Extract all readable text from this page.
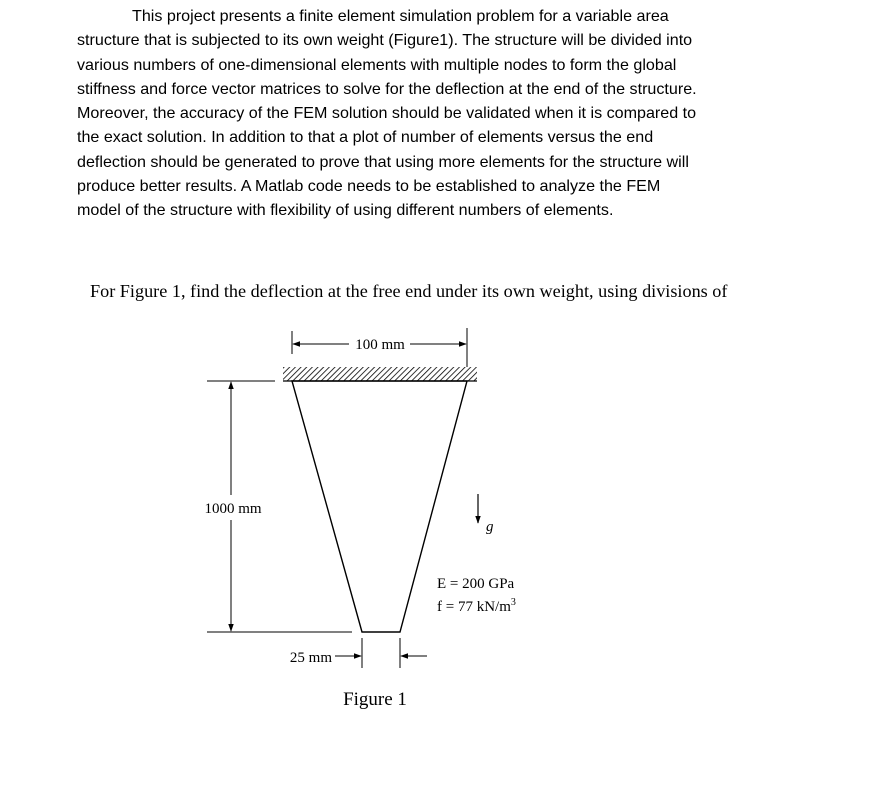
This project presents a finite element simulation problem for a variable area
structure that is subjected to its own weight (Figure1). The structure will be divided into
various numbers of one-dimensional elements with multiple nodes to form the global
stiffness and force vector matrices to solve for the deflection at the end of the structure.
Moreover, the accuracy of the FEM solution should be validated when it is compared to
the exact solution. In addition to that a plot of number of elements versus the end
deflection should be generated to prove that using more elements for the structure will
produce better results. A Matlab code needs to be established to analyze the FEM
model of the structure with flexibility of using different numbers of elements.

For Figure 1, find the deflection at the free end under its own weight, using divisions of

100 mm
1000 mm
25 mm
g
E = 200 GPa
f = 77 $kN/m^3$
Figure 1
